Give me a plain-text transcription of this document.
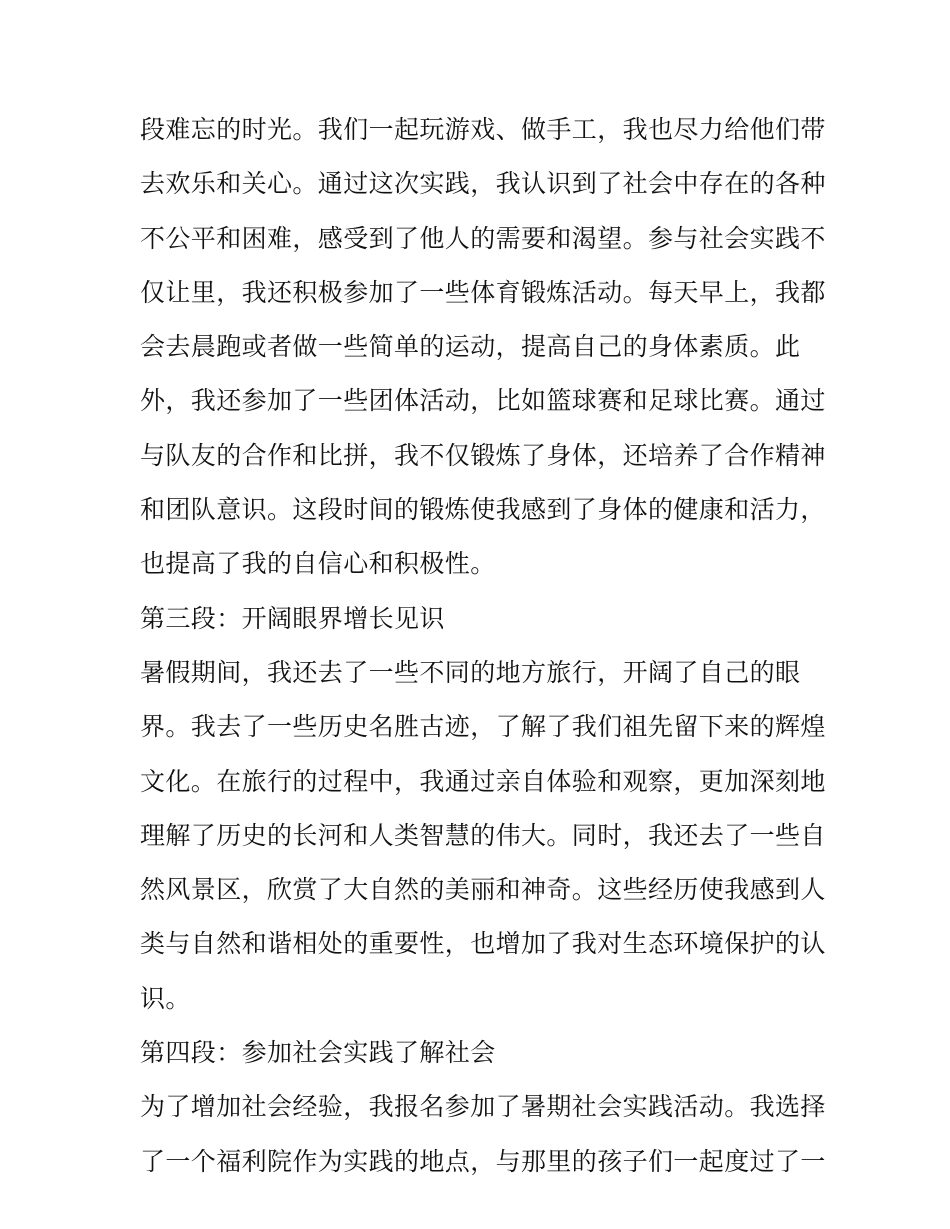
段难忘的时光。我们一起玩游戏、做手工，我也尽力给他们带
去欢乐和关心。通过这次实践，我认识到了社会中存在的各种
不公平和困难，感受到了他人的需要和渴望。参与社会实践不
仅让里，我还积极参加了一些体育锻炼活动。每天早上，我都
会去晨跑或者做一些简单的运动，提高自己的身体素质。此
外，我还参加了一些团体活动，比如篮球赛和足球比赛。通过
与队友的合作和比拼，我不仅锻炼了身体，还培养了合作精神
和团队意识。这段时间的锻炼使我感到了身体的健康和活力，
也提高了我的自信心和积极性。
第三段：开阔眼界增长见识
暑假期间，我还去了一些不同的地方旅行，开阔了自己的眼
界。我去了一些历史名胜古迹，了解了我们祖先留下来的辉煌
文化。在旅行的过程中，我通过亲自体验和观察，更加深刻地
理解了历史的长河和人类智慧的伟大。同时，我还去了一些自
然风景区，欣赏了大自然的美丽和神奇。这些经历使我感到人
类与自然和谐相处的重要性，也增加了我对生态环境保护的认
识。
第四段：参加社会实践了解社会
为了增加社会经验，我报名参加了暑期社会实践活动。我选择
了一个福利院作为实践的地点，与那里的孩子们一起度过了一
